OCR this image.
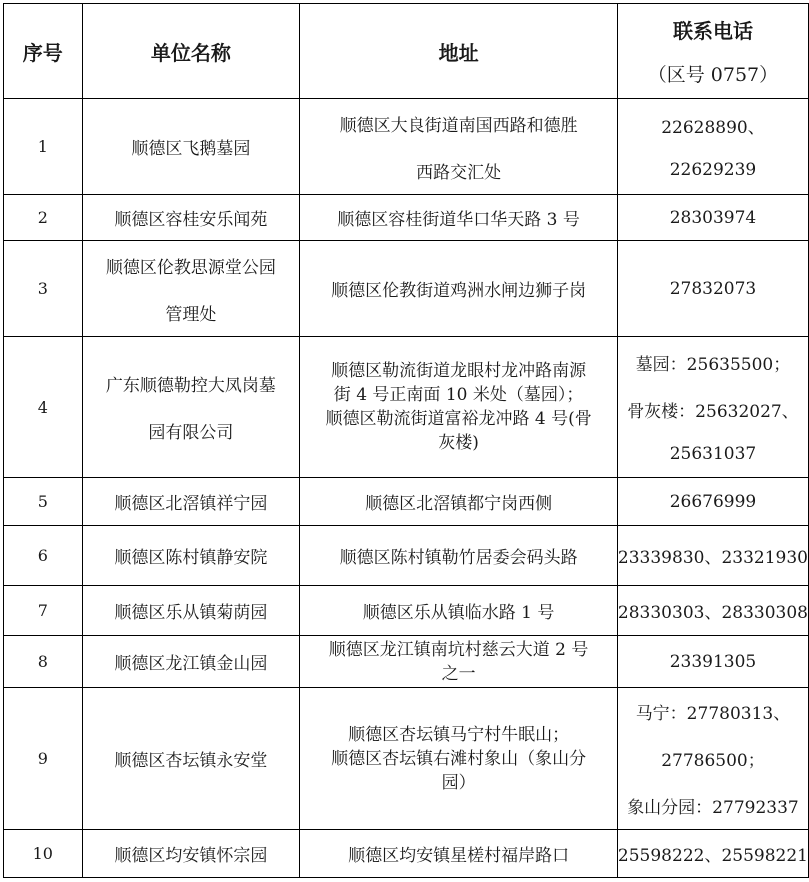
序号	单位名称	地址	联系电话
（区号 0757）

1	顺德区飞鹅墓园	顺德区大良街道南国西路和德胜
西路交汇处	22628890、
22629239

2	顺德区容桂安乐闻苑	顺德区容桂街道华口华天路 3 号	28303974

3	顺德区伦教思源堂公园
管理处	顺德区伦教街道鸡洲水闸边狮子岗	27832073

4	广东顺德勒控大凤岗墓
园有限公司	顺德区勒流街道龙眼村龙冲路南源
街 4 号正南面 10 米处（墓园）；
顺德区勒流街道富裕龙冲路 4 号(骨
灰楼)	墓园：25635500；
骨灰楼：25632027、
25631037

5	顺德区北滘镇祥宁园	顺德区北滘镇都宁岗西侧	26676999

6	顺德区陈村镇静安院	顺德区陈村镇勒竹居委会码头路	23339830、23321930

7	顺德区乐从镇菊荫园	顺德区乐从镇临水路 1 号	28330303、28330308

8	顺德区龙江镇金山园	顺德区龙江镇南坑村慈云大道 2 号
之一	23391305

9	顺德区杏坛镇永安堂	顺德区杏坛镇马宁村牛眠山；
顺德区杏坛镇右滩村象山（象山分
园）	马宁：27780313、
27786500；
象山分园：27792337

10	顺德区均安镇怀宗园	顺德区均安镇星槎村福岸路口	25598222、25598221
